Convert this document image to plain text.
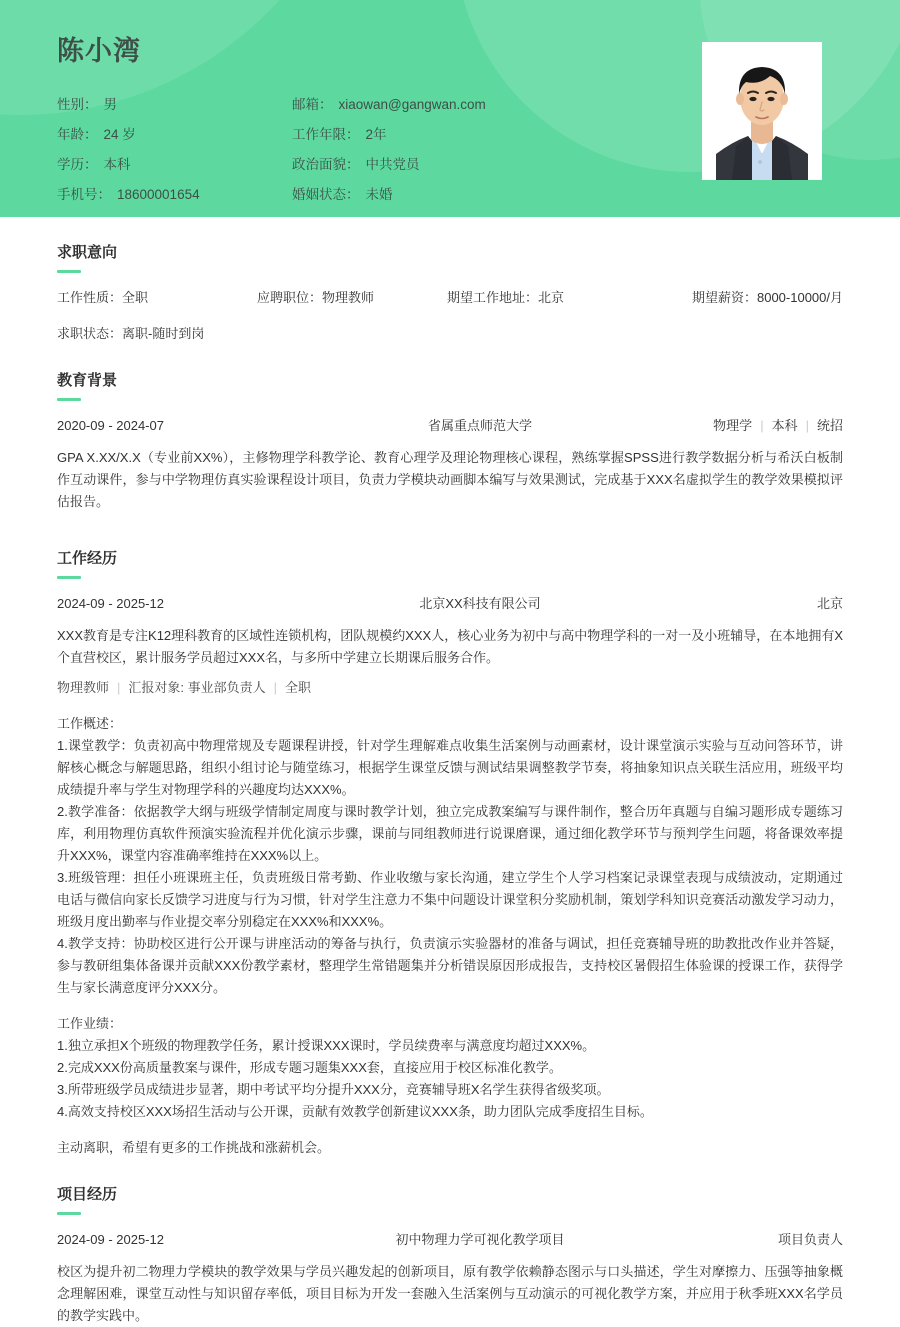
陈小湾
性别： 男	邮箱： xiaowan@gangwan.com
年龄： 24 岁	工作年限： 2年
学历： 本科	政治面貌： 中共党员
手机号： 18600001654	婚姻状态： 未婚
求职意向
工作性质：全职	应聘职位：物理教师	期望工作地址：北京	期望薪资：8000-10000/月
求职状态：离职-随时到岗
教育背景
2020-09 - 2024-07	省属重点师范大学	物理学 | 本科 | 统招

GPA X.XX/X.X（专业前XX%），主修物理学科教学论、教育心理学及理论物理核心课程，熟练掌握SPSS进行教学数据分析与希沃白板制作互动课件，参与中学物理仿真实验课程设计项目，负责力学模块动画脚本编写与效果测试，完成基于XXX名虚拟学生的教学效果模拟评估报告。

工作经历
2024-09 - 2025-12	北京XX科技有限公司	北京

XXX教育是专注K12理科教育的区域性连锁机构，团队规模约XXX人，核心业务为初中与高中物理学科的一对一及小班辅导，在本地拥有X个直营校区，累计服务学员超过XXX名，与多所中学建立长期课后服务合作。

物理教师 | 汇报对象: 事业部负责人 | 全职
工作概述：
1.课堂教学：负责初高中物理常规及专题课程讲授，针对学生理解难点收集生活案例与动画素材，设计课堂演示实验与互动问答环节，讲解核心概念与解题思路，组织小组讨论与随堂练习，根据学生课堂反馈与测试结果调整教学节奏，将抽象知识点关联生活应用，班级平均成绩提升率与学生对物理学科的兴趣度均达XXX%。
2.教学准备：依据教学大纲与班级学情制定周度与课时教学计划，独立完成教案编写与课件制作，整合历年真题与自编习题形成专题练习库，利用物理仿真软件预演实验流程并优化演示步骤，课前与同组教师进行说课磨课，通过细化教学环节与预判学生问题，将备课效率提升XXX%，课堂内容准确率维持在XXX%以上。
3.班级管理：担任小班课班主任，负责班级日常考勤、作业收缴与家长沟通，建立学生个人学习档案记录课堂表现与成绩波动，定期通过电话与微信向家长反馈学习进度与行为习惯，针对学生注意力不集中问题设计课堂积分奖励机制，策划学科知识竞赛活动激发学习动力，班级月度出勤率与作业提交率分别稳定在XXX%和XXX%。
4.教学支持：协助校区进行公开课与讲座活动的筹备与执行，负责演示实验器材的准备与调试，担任竞赛辅导班的助教批改作业并答疑，参与教研组集体备课并贡献XXX份教学素材，整理学生常错题集并分析错误原因形成报告，支持校区暑假招生体验课的授课工作，获得学生与家长满意度评分XXX分。
工作业绩：
1.独立承担X个班级的物理教学任务，累计授课XXX课时，学员续费率与满意度均超过XXX%。
2.完成XXX份高质量教案与课件，形成专题习题集XXX套，直接应用于校区标准化教学。
3.所带班级学员成绩进步显著，期中考试平均分提升XXX分，竞赛辅导班X名学生获得省级奖项。
4.高效支持校区XXX场招生活动与公开课，贡献有效教学创新建议XXX条，助力团队完成季度招生目标。
主动离职，希望有更多的工作挑战和涨薪机会。
项目经历
2024-09 - 2025-12	初中物理力学可视化教学项目	项目负责人

校区为提升初二物理力学模块的教学效果与学员兴趣发起的创新项目，原有教学依赖静态图示与口头描述，学生对摩擦力、压强等抽象概念理解困难，课堂互动性与知识留存率低，项目目标为开发一套融入生活案例与互动演示的可视化教学方案，并应用于秋季班XXX名学员的教学实践中。
